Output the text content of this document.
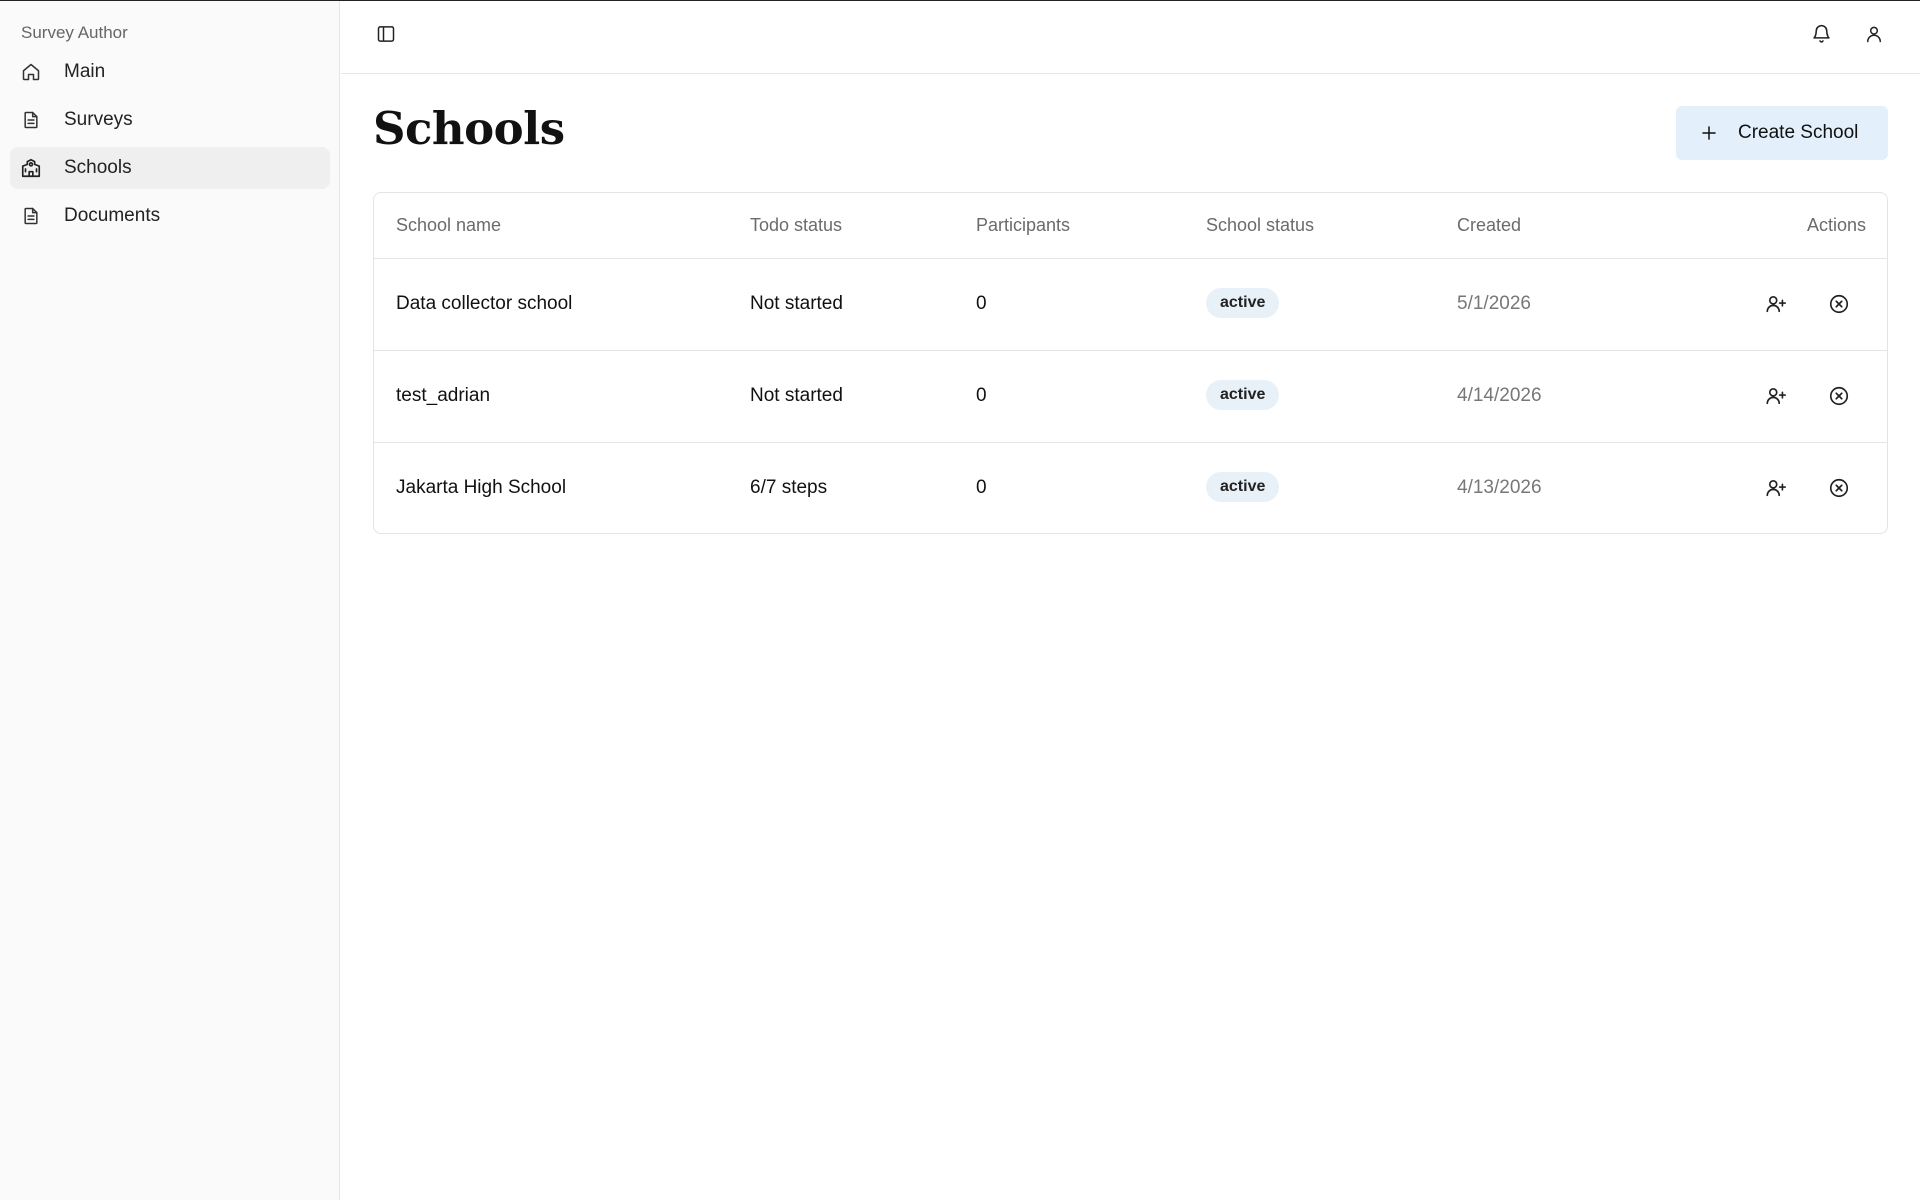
Survey Author
Main
Surveys
Schools
Documents
Schools	Create School
School name	Todo status	Participants	School status	Created	Actions
Data collector school	Not started	0	active	5/1/2026
test_adrian	Not started	0	active	4/14/2026
Jakarta High School	6/7 steps	0	active	4/13/2026
